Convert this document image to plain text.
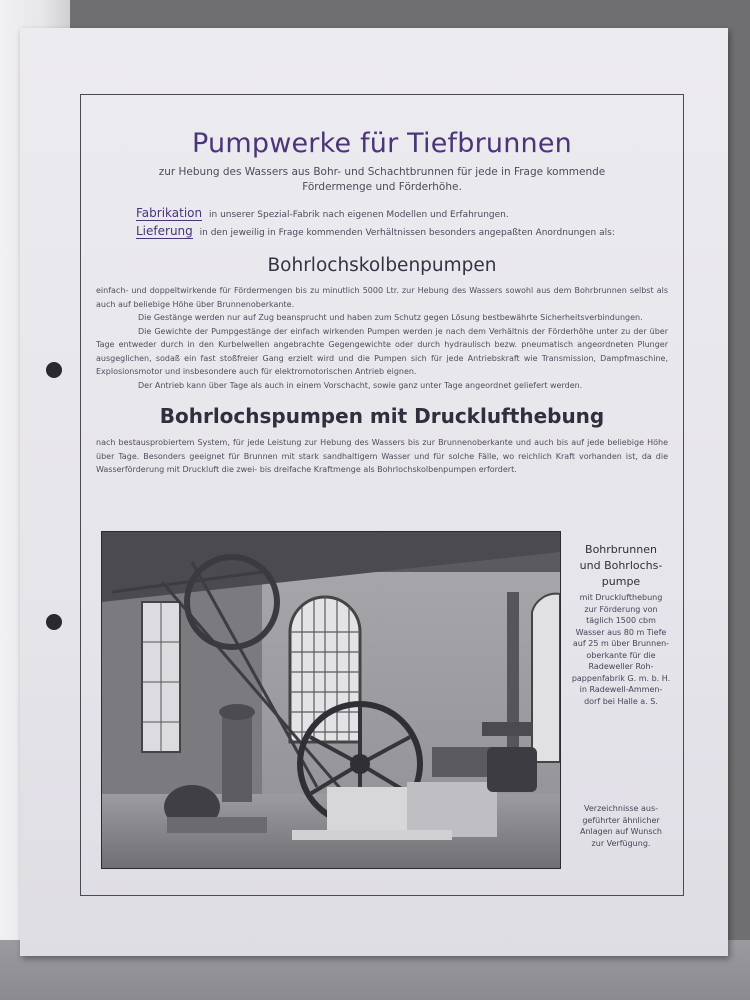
Pumpwerke für Tiefbrunnen
zur Hebung des Wassers aus Bohr- und Schachtbrunnen für jede in Frage kommende Fördermenge und Förderhöhe.
Fabrikation in unserer Spezial-Fabrik nach eigenen Modellen und Erfahrungen.
Lieferung in den jeweilig in Frage kommenden Verhältnissen besonders angepaßten Anordnungen als:
Bohrlochskolbenpumpen

einfach- und doppeltwirkende für Fördermengen bis zu minutlich 5000 Ltr. zur Hebung des Wassers sowohl aus dem Bohrbrunnen selbst als auch auf beliebige Höhe über Brunnenoberkante.

Die Gestänge werden nur auf Zug beansprucht und haben zum Schutz gegen Lösung bestbewährte Sicherheitsverbindungen.

Die Gewichte der Pumpgestänge der einfach wirkenden Pumpen werden je nach dem Verhältnis der Förderhöhe unter zu der über Tage entweder durch in den Kurbelwellen angebrachte Gegengewichte oder durch hydraulisch bezw. pneumatisch angeordneten Plunger ausgeglichen, sodaß ein fast stoßfreier Gang erzielt wird und die Pumpen sich für jede Antriebskraft wie Transmission, Dampfmaschine, Explosionsmotor und insbesondere auch für elektromotorischen Antrieb eignen.

Der Antrieb kann über Tage als auch in einem Vorschacht, sowie ganz unter Tage angeordnet geliefert werden.

Bohrlochspumpen mit Drucklufthebung

nach bestausprobiertem System, für jede Leistung zur Hebung des Wassers bis zur Brunnenoberkante und auch bis auf jede beliebige Höhe über Tage. Besonders geeignet für Brunnen mit stark sandhaltigem Wasser und für solche Fälle, wo reichlich Kraft vorhanden ist, da die Wasserförderung mit Druckluft die zwei- bis dreifache Kraftmenge als Bohrlochskolbenpumpen erfordert.

Bohrbrunnen
und Bohrlochs-
pumpe
mit Drucklufthebung
zur Förderung von
täglich 1500 cbm
Wasser aus 80 m Tiefe
auf 25 m über Brunnen-
oberkante für die
Radeweller Roh-
pappenfabrik G. m. b. H.
in Radewell-Ammen-
dorf bei Halle a. S.
Verzeichnisse aus-
geführter ähnlicher
Anlagen auf Wunsch
zur Verfügung.
